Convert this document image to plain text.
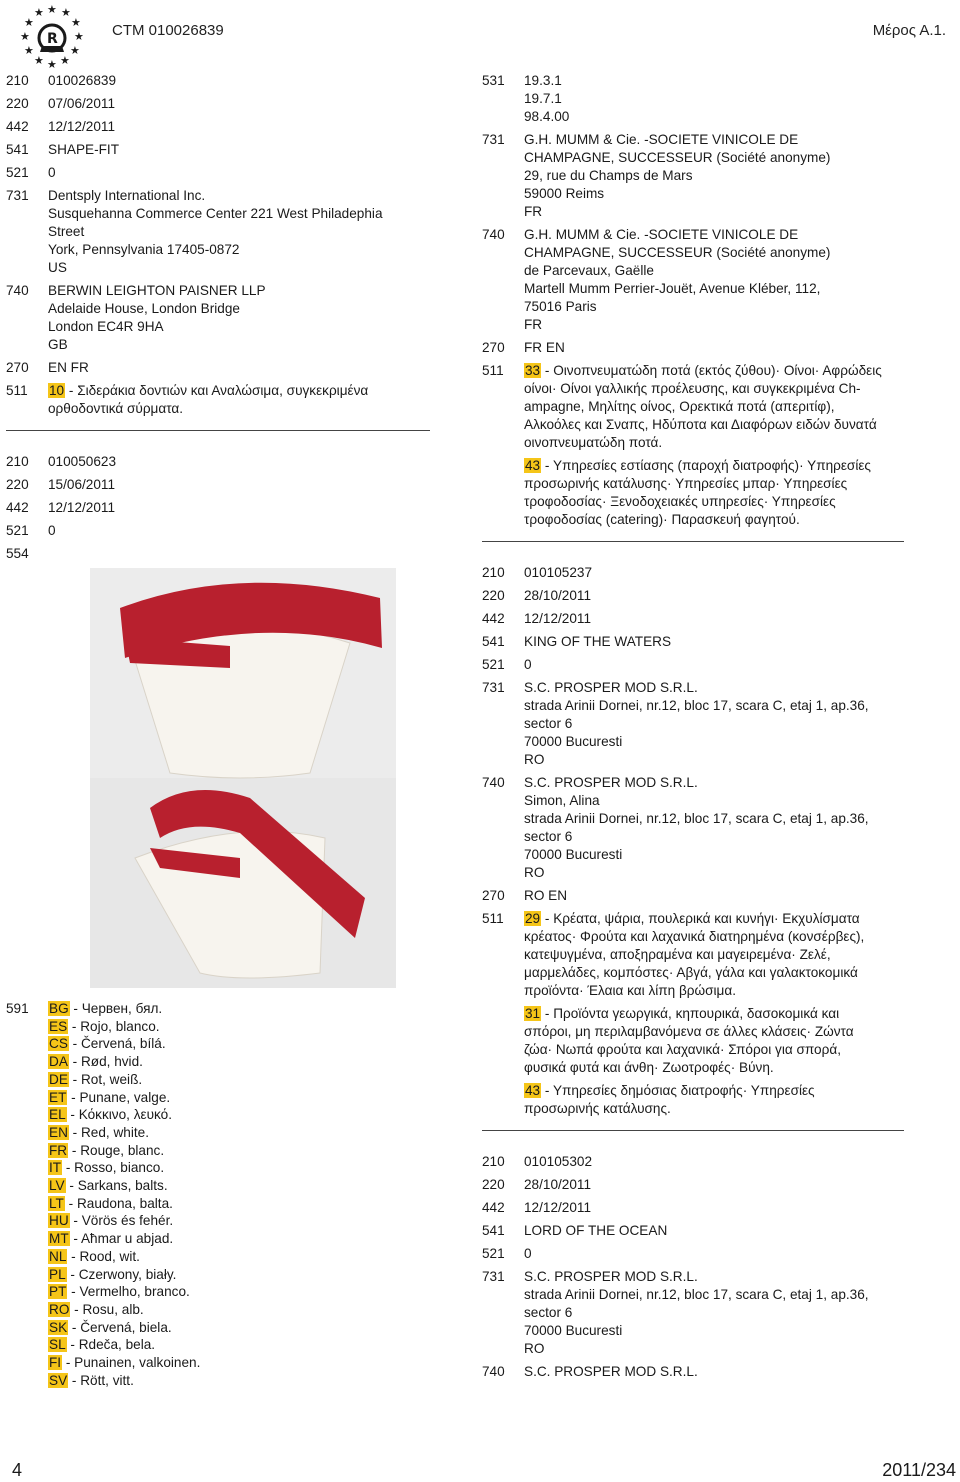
R
★ ★
★
★
★
★
★
★
★
★
★
★
CTM 010026839	Μέρος Α.1.
210	010026839
220	07/06/2011
442	12/12/2011
541	SHAPE-FIT
521	0
731	Dentsply International Inc.
Susquehanna Commerce Center 221 West Philadephia
Street
York, Pennsylvania 17405-0872
US
740	BERWIN LEIGHTON PAISNER LLP
Adelaide House, London Bridge
London EC4R 9HA
GB
270	EN FR
511	10 - Σιδεράκια δοντιών και Αναλώσιμα, συγκεκριμένα
ορθοδοντικά σύρματα.
210	010050623
220	15/06/2011
442	12/12/2011
521	0
554
591	BG - Червен, бял.
ES - Rojo, blanco.
CS - Červená, bílá.
DA - Rød, hvid.
DE - Rot, weiß.
ET - Punane, valge.
EL - Κόκκινο, λευκό.
EN - Red, white.
FR - Rouge, blanc.
IT - Rosso, bianco.
LV - Sarkans, balts.
LT - Raudona, balta.
HU - Vörös és fehér.
MT - Aħmar u abjad.
NL - Rood, wit.
PL - Czerwony, biały.
PT - Vermelho, branco.
RO - Rosu, alb.
SK - Červená, biela.
SL - Rdeča, bela.
FI - Punainen, valkoinen.
SV - Rött, vitt.
531	19.3.1
19.7.1
98.4.00
731	G.H. MUMM & Cie. -SOCIETE VINICOLE DE
CHAMPAGNE, SUCCESSEUR (Société anonyme)
29, rue du Champs de Mars
59000 Reims
FR
740	G.H. MUMM & Cie. -SOCIETE VINICOLE DE
CHAMPAGNE, SUCCESSEUR (Société anonyme)
de Parcevaux, Gaëlle
Martell Mumm Perrier-Jouët, Avenue Kléber, 112,
75016 Paris
FR
270	FR EN
511	33 - Οινοπνευματώδη ποτά (εκτός ζύθου)· Οίνοι· Αφρώδεις
οίνοι· Οίνοι γαλλικής προέλευσης, και συγκεκριμένα Ch-
ampagne, Μηλίτης οίνος, Ορεκτικά ποτά (απεριτίφ),
Αλκοόλες και Σναπς, Ηδύποτα και Διαφόρων ειδών δυνατά
οινοπνευματώδη ποτά.
43 - Υπηρεσίες εστίασης (παροχή διατροφής)· Υπηρεσίες
προσωρινής κατάλυσης· Υπηρεσίες μπαρ· Υπηρεσίες
τροφοδοσίας· Ξενοδοχειακές υπηρεσίες· Υπηρεσίες
τροφοδοσίας (catering)· Παρασκευή φαγητού.
210	010105237
220	28/10/2011
442	12/12/2011
541	KING OF THE WATERS
521	0
731	S.C. PROSPER MOD S.R.L.
strada Arinii Dornei, nr.12, bloc 17, scara C, etaj 1, ap.36,
sector 6
70000 Bucuresti
RO
740	S.C. PROSPER MOD S.R.L.
Simon, Alina
strada Arinii Dornei, nr.12, bloc 17, scara C, etaj 1, ap.36,
sector 6
70000 Bucuresti
RO
270	RO EN
511	29 - Κρέατα, ψάρια, πουλερικά και κυνήγι· Εκχυλίσματα
κρέατος· Φρούτα και λαχανικά διατηρημένα (κονσέρβες),
κατεψυγμένα, αποξηραμένα και μαγειρεμένα· Ζελέ,
μαρμελάδες, κομπόστες· Αβγά, γάλα και γαλακτοκομικά
προϊόντα· Έλαια και λίπη βρώσιμα.
31 - Προϊόντα γεωργικά, κηπουρικά, δασοκομικά και
σπόροι, μη περιλαμβανόμενα σε άλλες κλάσεις· Ζώντα
ζώα· Νωπά φρούτα και λαχανικά· Σπόροι για σπορά,
φυσικά φυτά και άνθη· Ζωοτροφές· Βύνη.
43 - Υπηρεσίες δημόσιας διατροφής· Υπηρεσίες
προσωρινής κατάλυσης.
210	010105302
220	28/10/2011
442	12/12/2011
541	LORD OF THE OCEAN
521	0
731	S.C. PROSPER MOD S.R.L.
strada Arinii Dornei, nr.12, bloc 17, scara C, etaj 1, ap.36,
sector 6
70000 Bucuresti
RO
740	S.C. PROSPER MOD S.R.L.
4	2011/234
